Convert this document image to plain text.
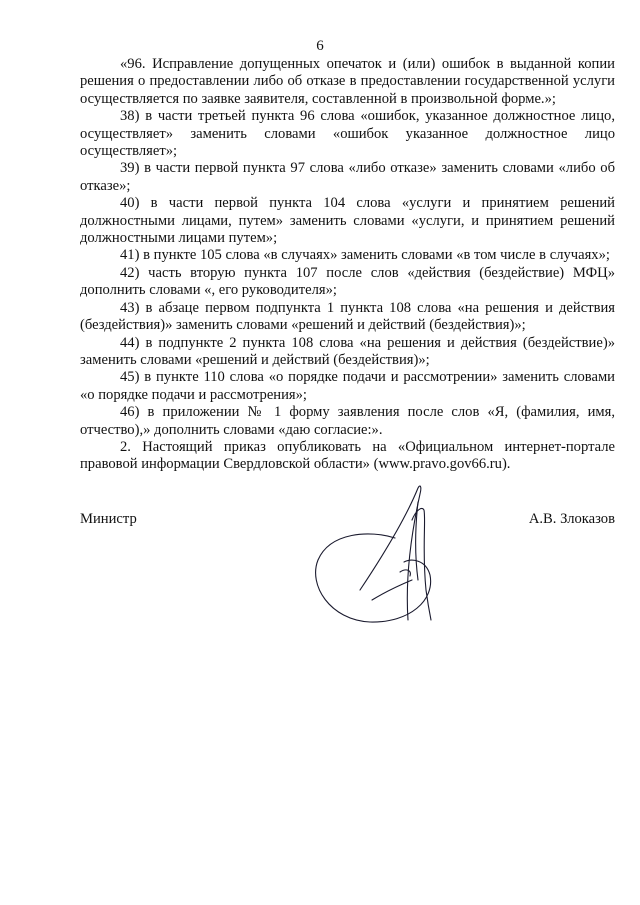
6

«96. Исправление допущенных опечаток и (или) ошибок в выданной копии решения о предоставлении либо об отказе в предоставлении государственной услуги осуществляется по заявке заявителя, составленной в произвольной форме.»;

38) в части третьей пункта 96 слова «ошибок, указанное должностное лицо, осуществляет» заменить словами «ошибок указанное должностное лицо осуществляет»;

39) в части первой пункта 97 слова «либо отказе» заменить словами «либо об отказе»;

40) в части первой пункта 104 слова «услуги и принятием решений должностными лицами, путем» заменить словами «услуги, и принятием решений должностными лицами путем»;

41) в пункте 105 слова «в случаях» заменить словами «в том числе в случаях»;

42) часть вторую пункта 107 после слов «действия (бездействие) МФЦ» дополнить словами «, его руководителя»;

43) в абзаце первом подпункта 1 пункта 108 слова «на решения и действия (бездействия)» заменить словами «решений и действий (бездействия)»;

44) в подпункте 2 пункта 108 слова «на решения и действия (бездействие)» заменить словами «решений и действий (бездействия)»;

45) в пункте 110 слова «о порядке подачи и рассмотрении» заменить словами «о порядке подачи и рассмотрения»;

46) в приложении № 1 форму заявления после слов «Я, (фамилия, имя, отчество),» дополнить словами «даю согласие:».

2. Настоящий приказ опубликовать на «Официальном интернет-портале правовой информации Свердловской области» (www.pravo.gov66.ru).

Министр	А.В. Злоказов
